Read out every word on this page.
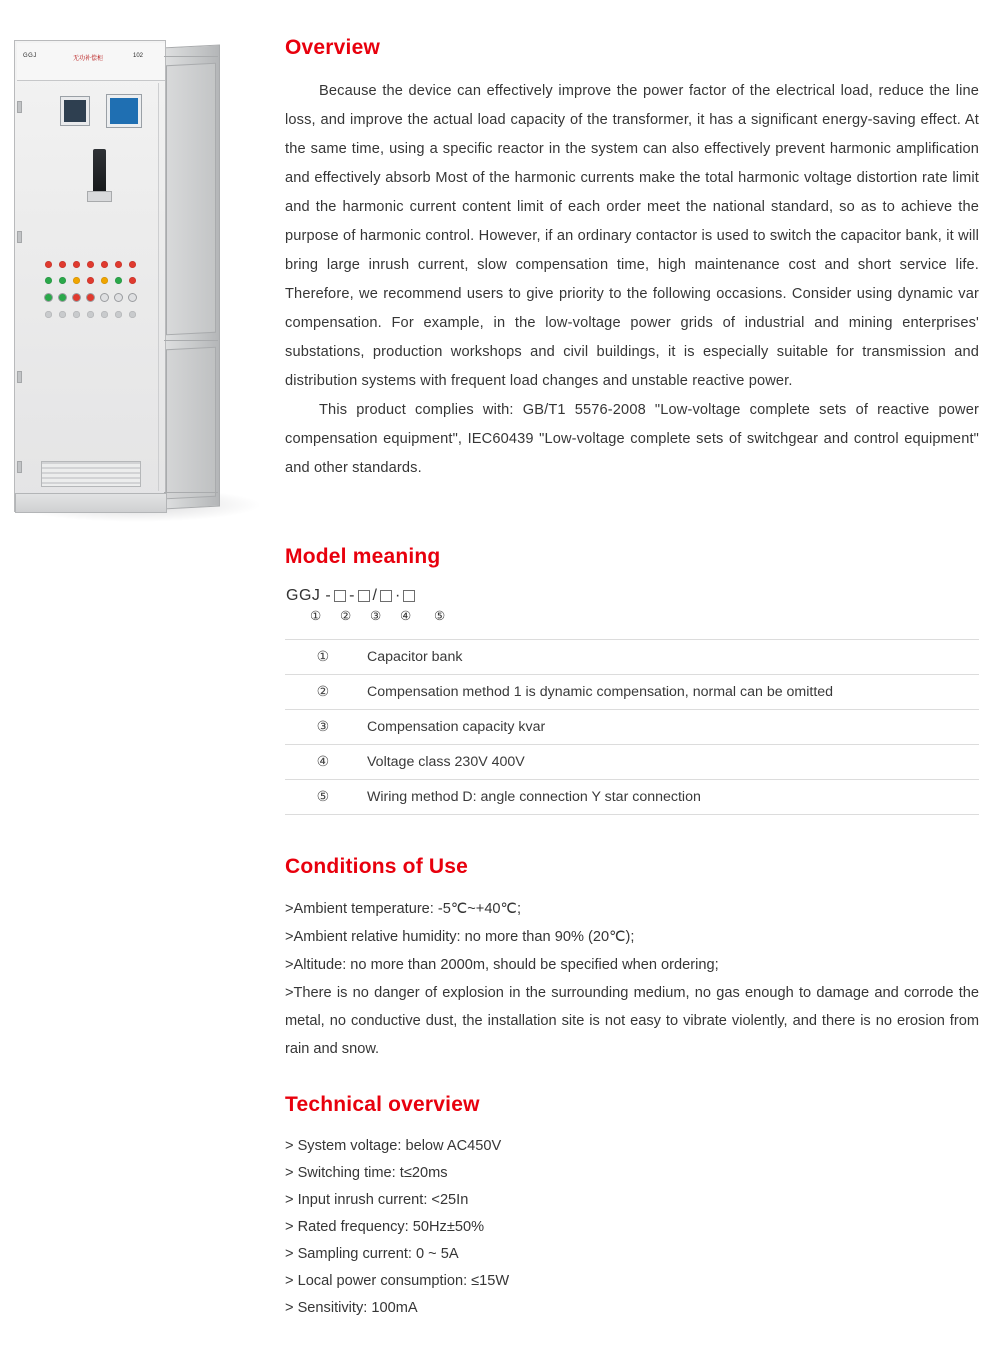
GGJ	无功补偿柜	102	Overview

Because the device can effectively improve the power factor of the electrical load, reduce the line loss, and improve the actual load capacity of the transformer, it has a significant energy-saving effect. At the same time, using a specific reactor in the system can also effectively prevent harmonic amplification and effectively absorb Most of the harmonic currents make the total harmonic voltage distortion rate limit and the harmonic current content limit of each order meet the national standard, so as to achieve the purpose of harmonic control. However, if an ordinary contactor is used to switch the capacitor bank, it will bring large inrush current, slow compensation time, high maintenance cost and short service life. Therefore, we recommend users to give priority to the following occasions. Consider using dynamic var compensation. For example, in the low-voltage power grids of industrial and mining enterprises' substations, production workshops and civil buildings, it is especially suitable for transmission and distribution systems with frequent load changes and unstable reactive power.

This product complies with: GB/T1 5576-2008 "Low-voltage complete sets of reactive power compensation equipment", IEC60439 "Low-voltage complete sets of switchgear and control equipment" and other standards.

Model meaning
GGJ - - / ·
① ② ③ ④ ⑤
①	Capacitor bank
②	Compensation method 1 is dynamic compensation, normal can be omitted
③	Compensation capacity kvar
④	Voltage class 230V 400V
⑤	Wiring method D: angle connection Y star connection
Conditions of Use
>Ambient temperature: -5℃~+40℃;
>Ambient relative humidity: no more than 90% (20℃);
>Altitude: no more than 2000m, should be specified when ordering;
>There is no danger of explosion in the surrounding medium, no gas enough to damage and corrode the metal, no conductive dust, the installation site is not easy to vibrate violently, and there is no erosion from rain and snow.
Technical overview
> System voltage: below AC450V
> Switching time: t≤20ms
> Input inrush current: <25In
> Rated frequency: 50Hz±50%
> Sampling current: 0 ~ 5A
> Local power consumption: ≤15W
> Sensitivity: 100mA
